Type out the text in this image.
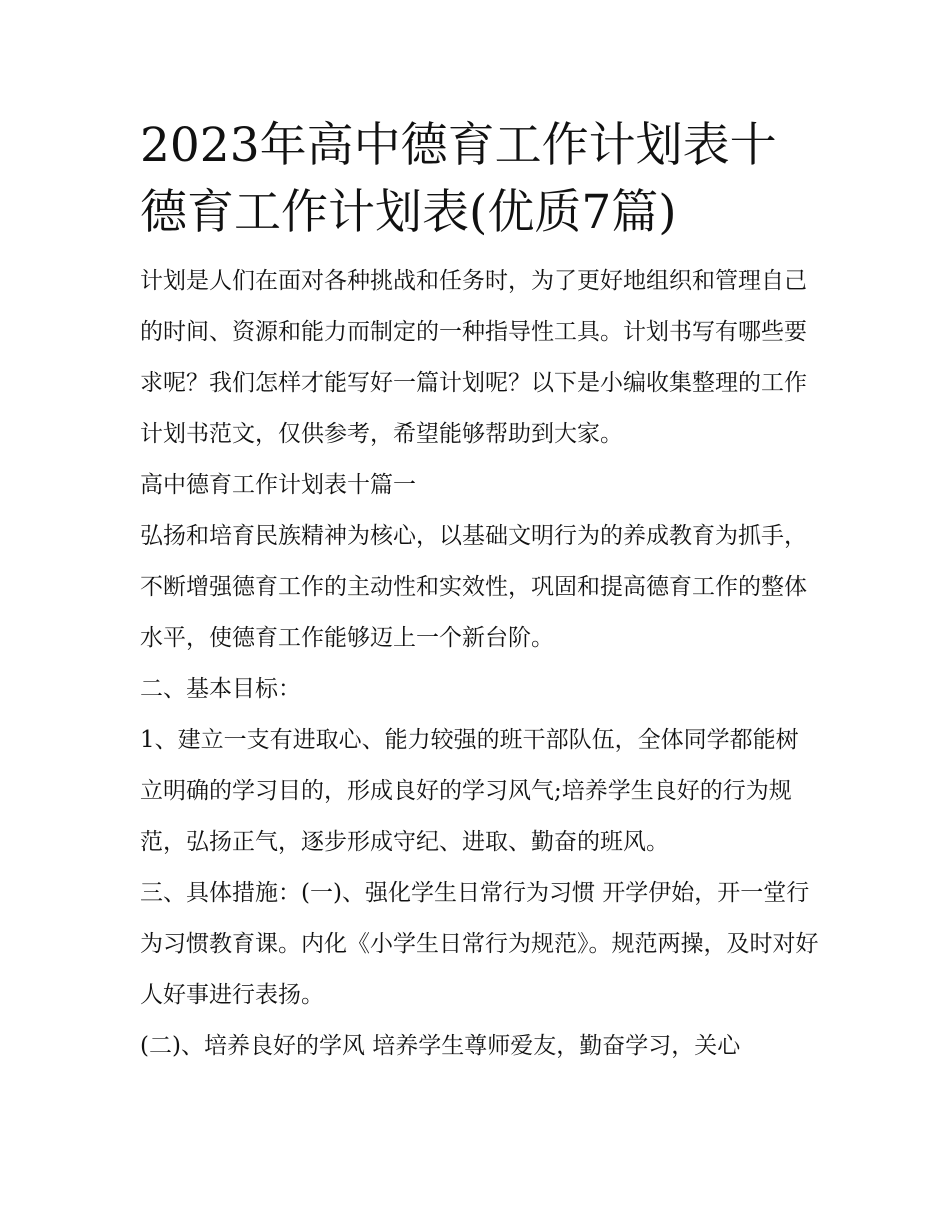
2023年高中德育工作计划表十
德育工作计划表(优质7篇)

计划是人们在面对各种挑战和任务时，为了更好地组织和管理自己的时间、资源和能力而制定的一种指导性工具。计划书写有哪些要求呢？我们怎样才能写好一篇计划呢？以下是小编收集整理的工作计划书范文，仅供参考，希望能够帮助到大家。

高中德育工作计划表十篇一

弘扬和培育民族精神为核心，以基础文明行为的养成教育为抓手，不断增强德育工作的主动性和实效性，巩固和提高德育工作的整体水平，使德育工作能够迈上一个新台阶。

二、基本目标：

1、建立一支有进取心、能力较强的班干部队伍，全体同学都能树立明确的学习目的，形成良好的学习风气;培养学生良好的行为规范，弘扬正气，逐步形成守纪、进取、勤奋的班风。

三、具体措施：(一)、强化学生日常行为习惯 开学伊始，开一堂行为习惯教育课。内化《小学生日常行为规范》。规范两操，及时对好人好事进行表扬。

(二)、培养良好的学风 培养学生尊师爱友，勤奋学习，关心
